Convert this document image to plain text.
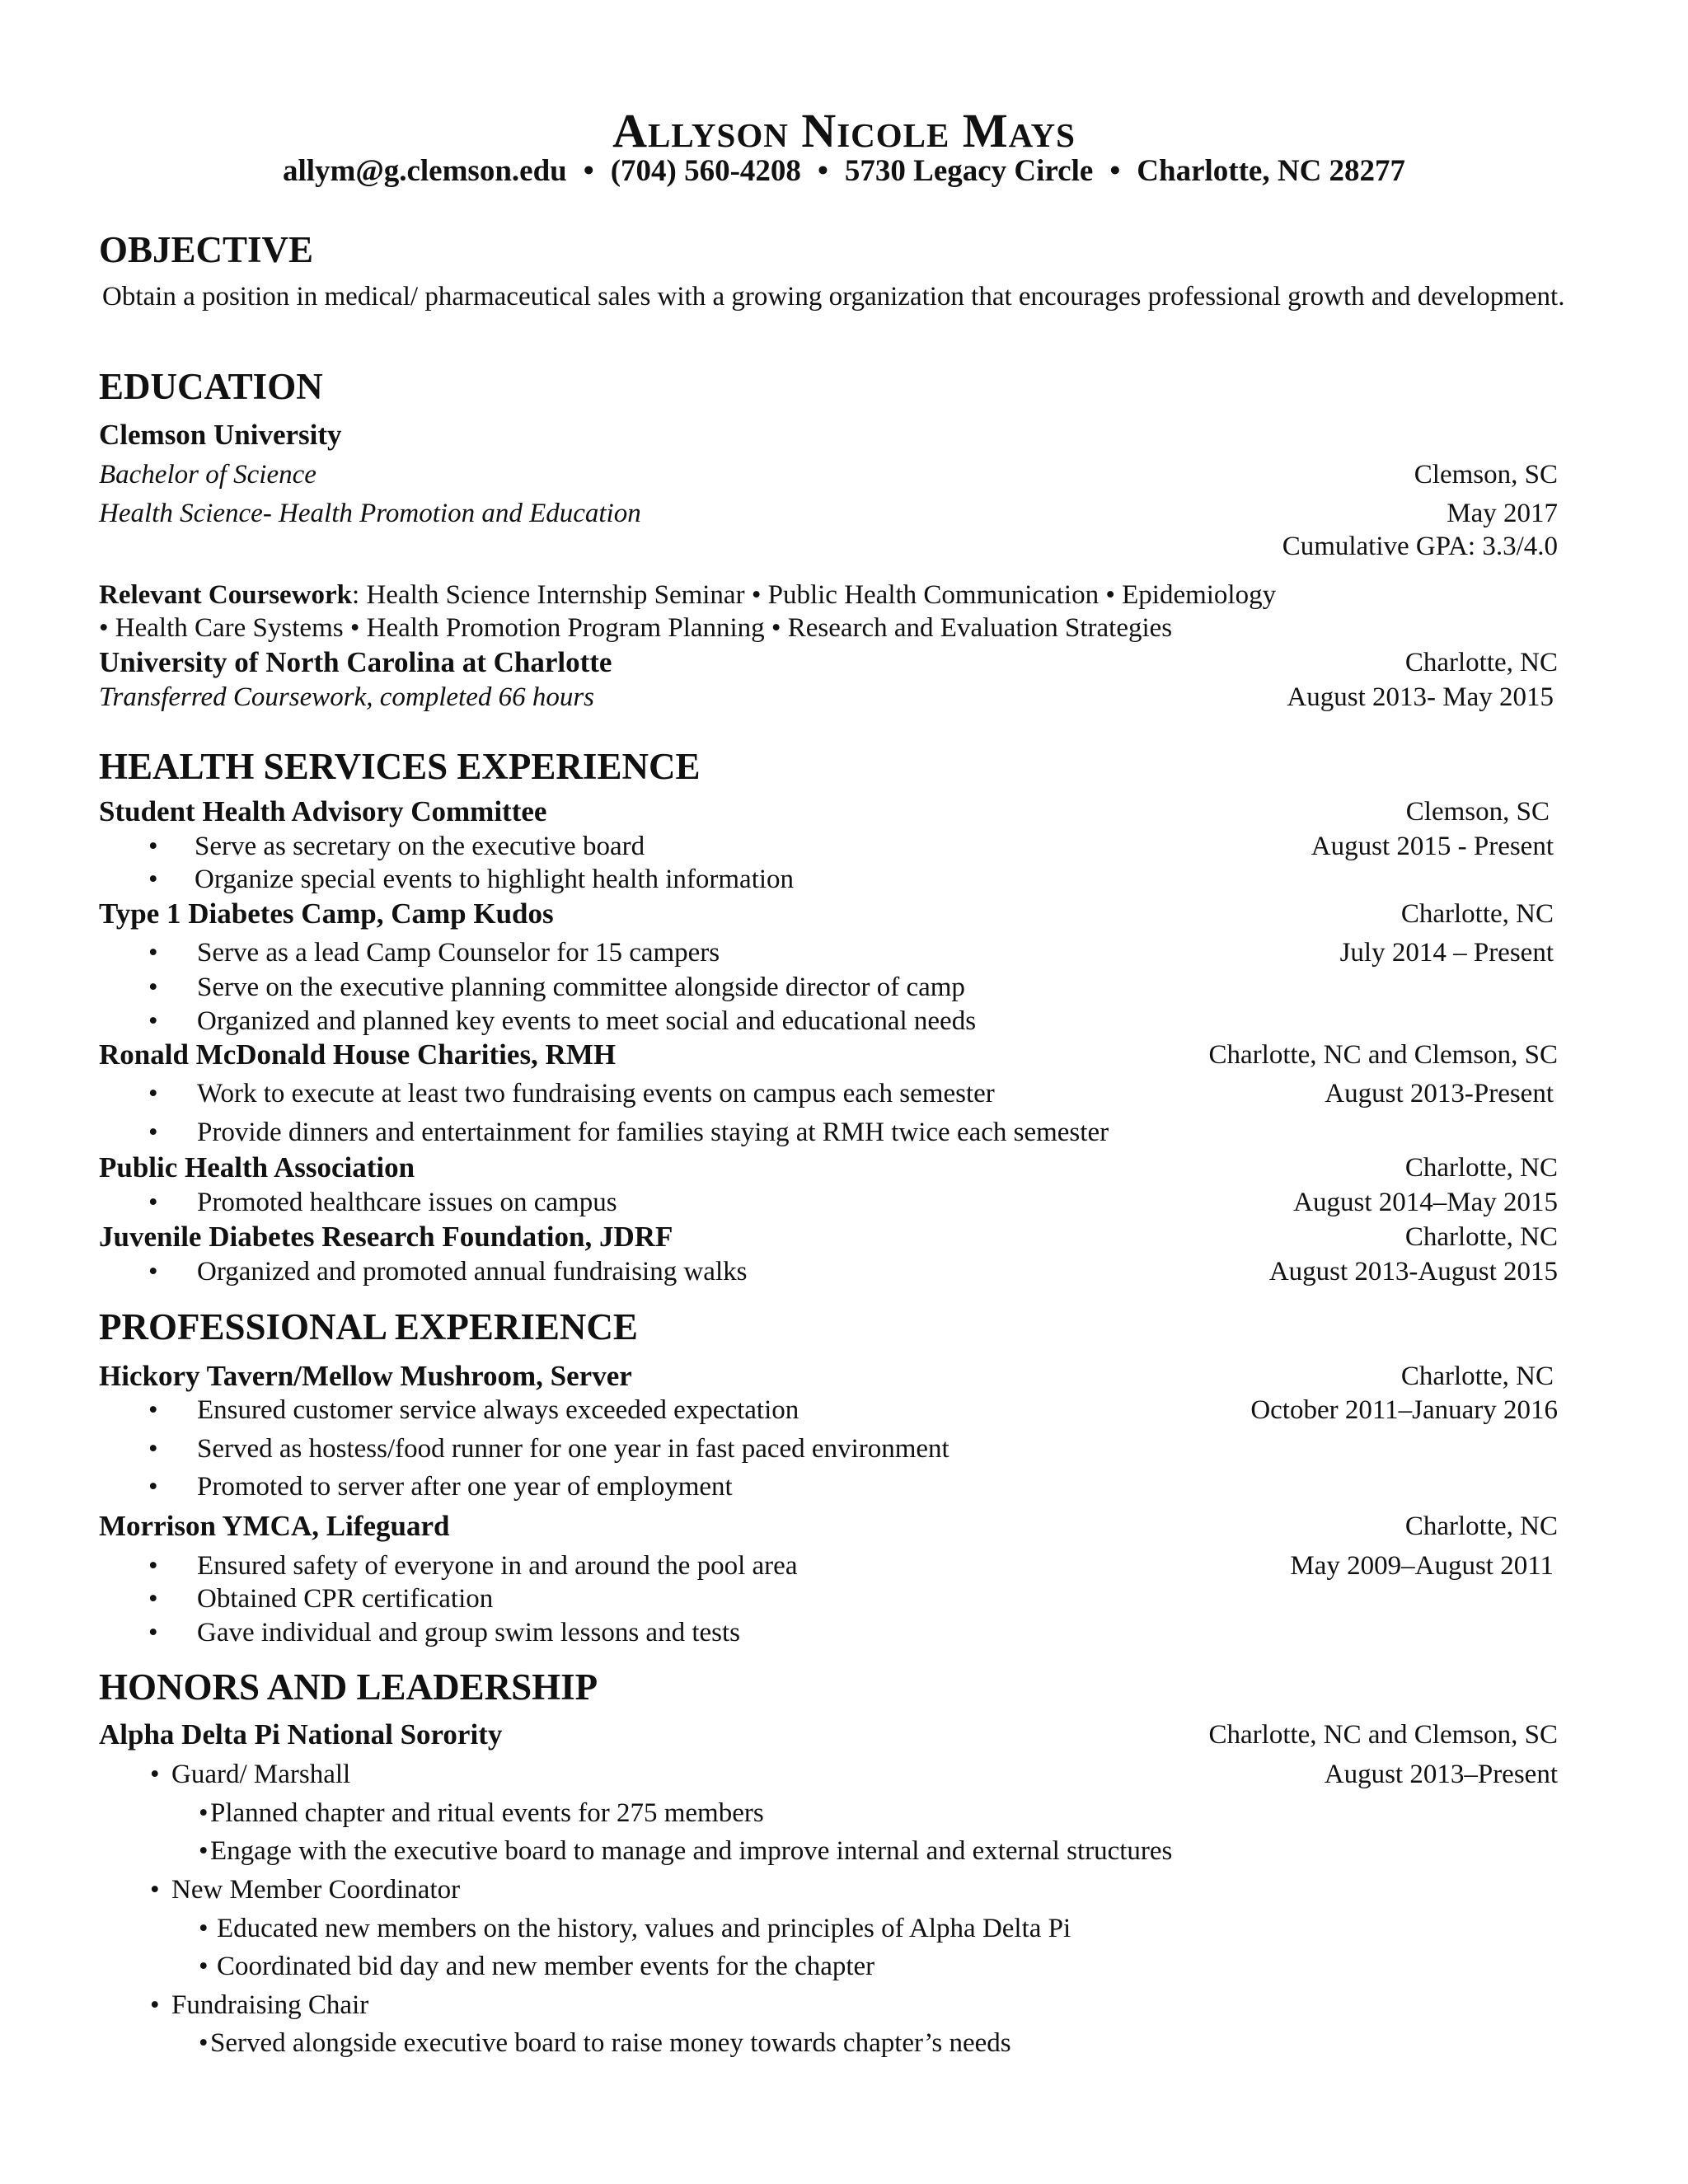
Allyson Nicole Mays
allym@g.clemson.edu • (704) 560-4208 • 5730 Legacy Circle • Charlotte, NC 28277
OBJECTIVE
Obtain a position in medical/ pharmaceutical sales with a growing organization that encourages professional growth and development.
EDUCATION
Clemson University
Bachelor of Science	Clemson, SC
Health Science- Health Promotion and Education	May 2017
Cumulative GPA: 3.3/4.0
Relevant Coursework: Health Science Internship Seminar • Public Health Communication • Epidemiology
• Health Care Systems • Health Promotion Program Planning • Research and Evaluation Strategies
University of North Carolina at Charlotte	Charlotte, NC
Transferred Coursework, completed 66 hours	August 2013- May 2015
HEALTH SERVICES EXPERIENCE
Student Health Advisory Committee	Clemson, SC
• Serve as secretary on the executive board	August 2015 - Present
• Organize special events to highlight health information
Type 1 Diabetes Camp, Camp Kudos	Charlotte, NC
• Serve as a lead Camp Counselor for 15 campers	July 2014 – Present
• Serve on the executive planning committee alongside director of camp
• Organized and planned key events to meet social and educational needs
Ronald McDonald House Charities, RMH	Charlotte, NC and Clemson, SC
• Work to execute at least two fundraising events on campus each semester	August 2013-Present
• Provide dinners and entertainment for families staying at RMH twice each semester
Public Health Association	Charlotte, NC
• Promoted healthcare issues on campus	August 2014–May 2015
Juvenile Diabetes Research Foundation, JDRF	Charlotte, NC
• Organized and promoted annual fundraising walks	August 2013-August 2015
PROFESSIONAL EXPERIENCE
Hickory Tavern/Mellow Mushroom, Server	Charlotte, NC
• Ensured customer service always exceeded expectation	October 2011–January 2016
• Served as hostess/food runner for one year in fast paced environment
• Promoted to server after one year of employment
Morrison YMCA, Lifeguard	Charlotte, NC
• Ensured safety of everyone in and around the pool area	May 2009–August 2011
• Obtained CPR certification
• Gave individual and group swim lessons and tests
HONORS AND LEADERSHIP
Alpha Delta Pi National Sorority	Charlotte, NC and Clemson, SC
• Guard/ Marshall	August 2013–Present
• Planned chapter and ritual events for 275 members
• Engage with the executive board to manage and improve internal and external structures
• New Member Coordinator
• Educated new members on the history, values and principles of Alpha Delta Pi
• Coordinated bid day and new member events for the chapter
• Fundraising Chair
• Served alongside executive board to raise money towards chapter’s needs
